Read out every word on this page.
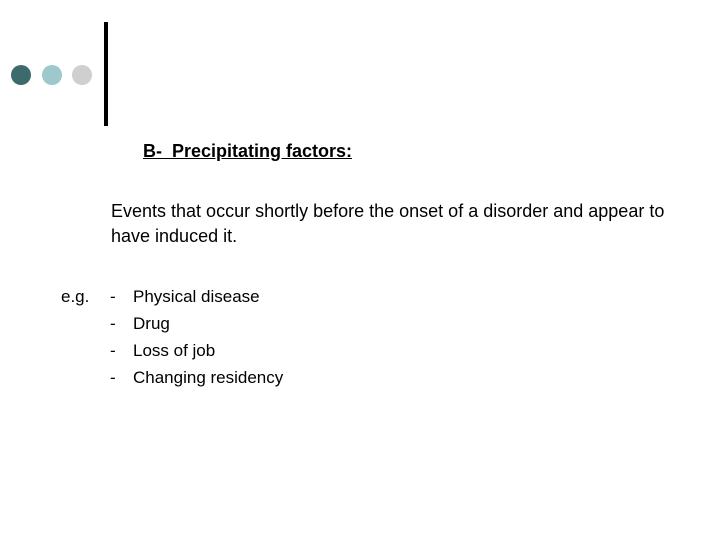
B-  Precipitating factors:
Events that occur shortly before the onset of a disorder and appear to have induced it.
e.g. -	Physical disease
-	Drug
-	Loss of job
-	Changing residency
